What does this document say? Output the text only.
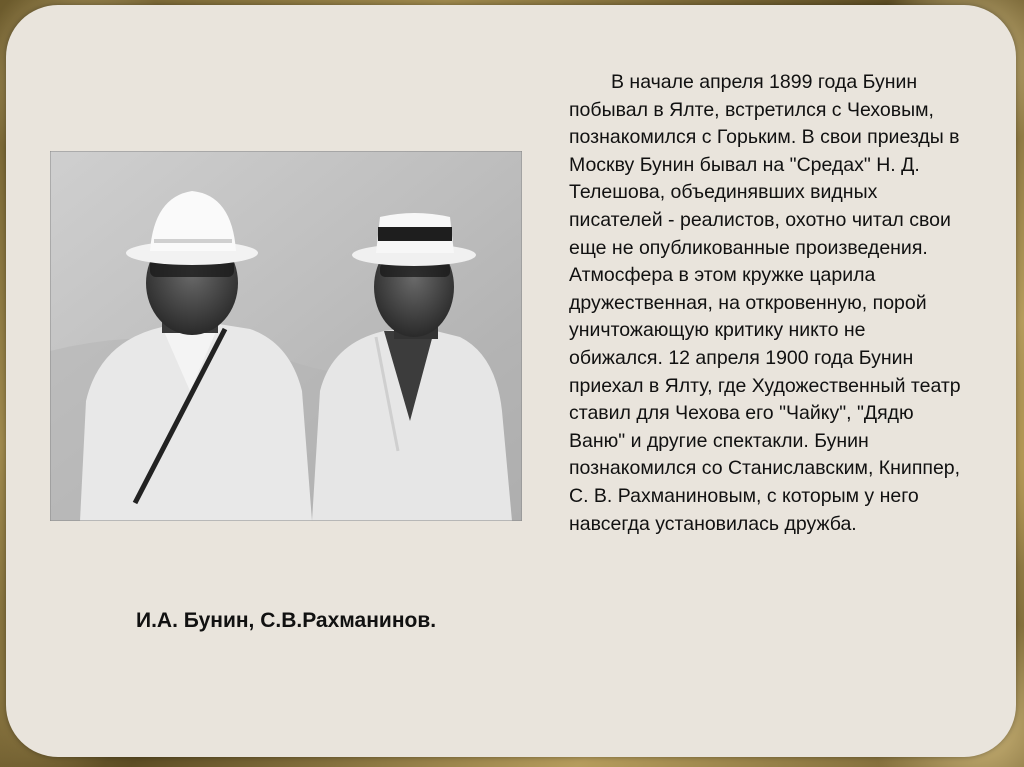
И.А. Бунин, С.В.Рахманинов.

В начале апреля 1899 года Бунин побывал в Ялте, встретился с Чеховым, познакомился с Горьким. В свои приезды в Москву Бунин бывал на "Средах" Н. Д. Телешова, объединявших видных писателей - реалистов, охотно читал свои еще не опубликованные произведения. Атмосфера в этом кружке царила дружественная, на откровенную, порой уничтожающую критику никто не обижался. 12 апреля 1900 года Бунин приехал в Ялту, где Художественный театр ставил для Чехова его "Чайку", "Дядю Ваню" и другие спектакли. Бунин познакомился со Станиславским, Книппер, С. В. Рахманиновым, с которым у него навсегда установилась дружба.
